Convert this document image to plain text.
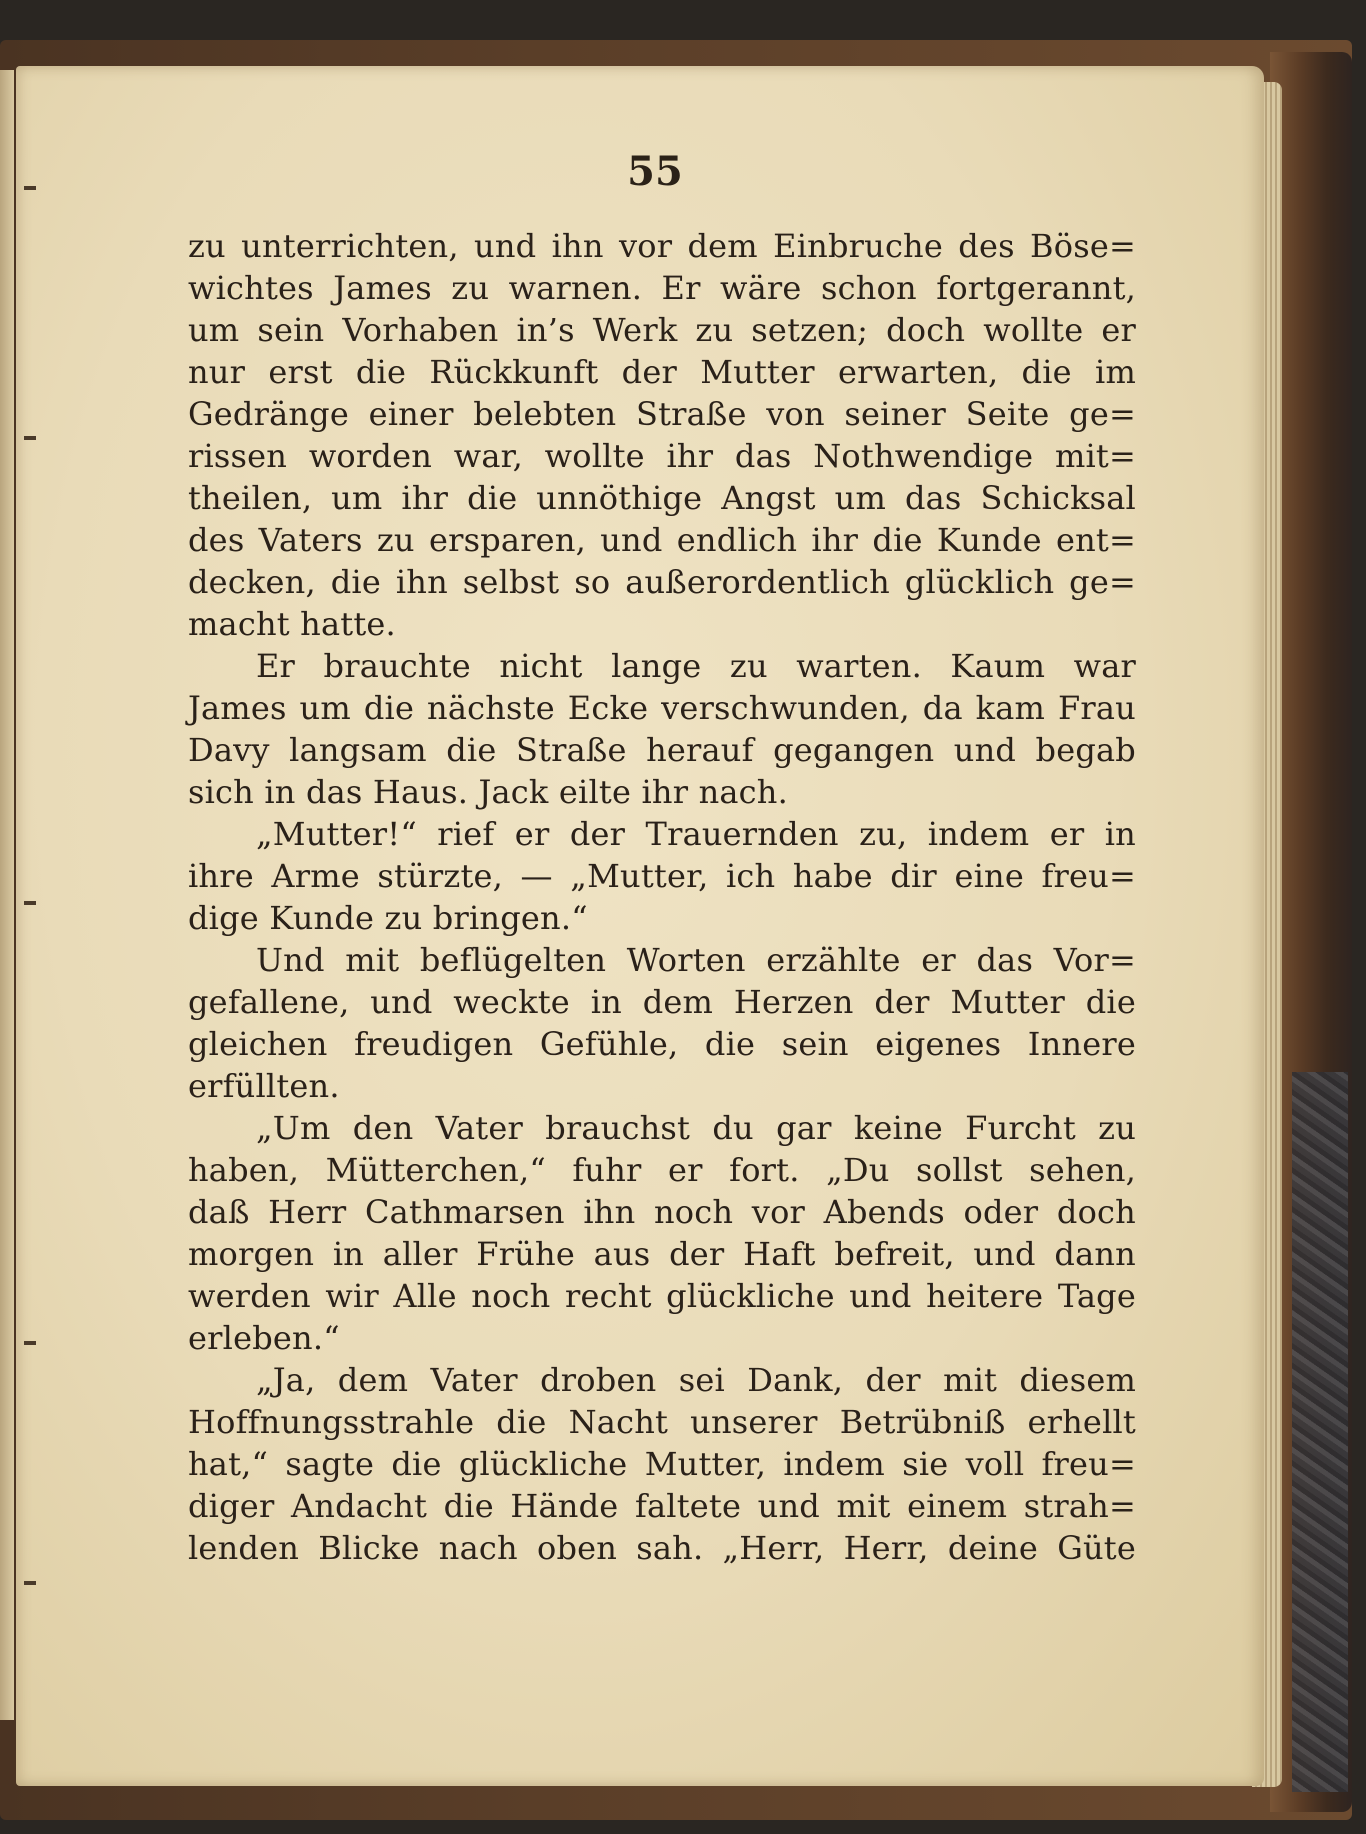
55
zu unterrichten, und ihn vor dem Einbruche des Böse=
wichtes James zu warnen. Er wäre schon fortgerannt,
um sein Vorhaben in’s Werk zu setzen; doch wollte er
nur erst die Rückkunft der Mutter erwarten, die im
Gedränge einer belebten Straße von seiner Seite ge=
rissen worden war, wollte ihr das Nothwendige mit=
theilen, um ihr die unnöthige Angst um das Schicksal
des Vaters zu ersparen, und endlich ihr die Kunde ent=
decken, die ihn selbst so außerordentlich glücklich ge=
macht hatte.
Er brauchte nicht lange zu warten. Kaum war
James um die nächste Ecke verschwunden, da kam Frau
Davy langsam die Straße herauf gegangen und begab
sich in das Haus. Jack eilte ihr nach.
„Mutter!“ rief er der Trauernden zu, indem er in
ihre Arme stürzte, — „Mutter, ich habe dir eine freu=
dige Kunde zu bringen.“
Und mit beflügelten Worten erzählte er das Vor=
gefallene, und weckte in dem Herzen der Mutter die
gleichen freudigen Gefühle, die sein eigenes Innere
erfüllten.
„Um den Vater brauchst du gar keine Furcht zu
haben, Mütterchen,“ fuhr er fort. „Du sollst sehen,
daß Herr Cathmarsen ihn noch vor Abends oder doch
morgen in aller Frühe aus der Haft befreit, und dann
werden wir Alle noch recht glückliche und heitere Tage
erleben.“
„Ja, dem Vater droben sei Dank, der mit diesem
Hoffnungsstrahle die Nacht unserer Betrübniß erhellt
hat,“ sagte die glückliche Mutter, indem sie voll freu=
diger Andacht die Hände faltete und mit einem strah=
lenden Blicke nach oben sah. „Herr, Herr, deine Güte
